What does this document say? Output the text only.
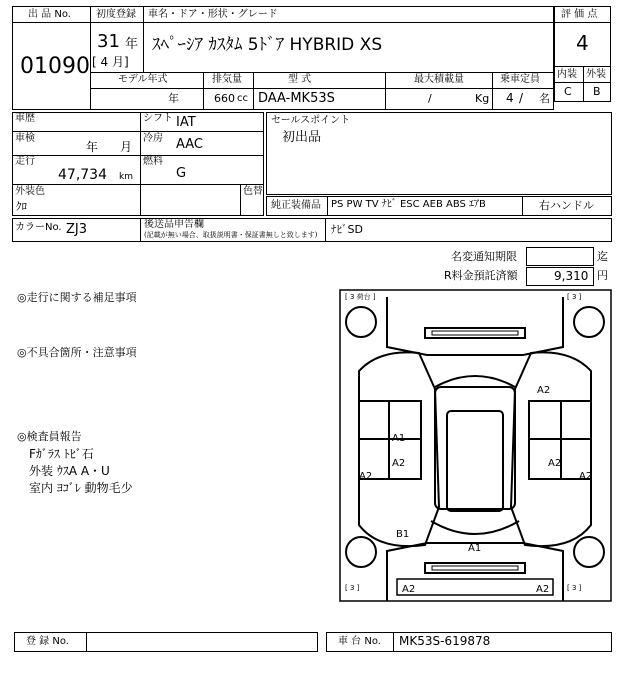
出 品 No.
01090
初度登録
31 年
[ 4 月]
車名・ドア・形状・グレード
ｽﾍﾟｰｼｱ ｶｽﾀﾑ 5ﾄﾞｱ HYBRID XS
モデル年式
年
排気量
660 cc
型 式
DAA-MK53S
最大積載量
/	Kg
乗車定員
4 / 名
評 価 点
4
内装 外装
C B
車歴
車検
年 月
走行
47,734 km
シフト IAT
冷房 AAC
燃料
G
外装色
ｸﾛ
色替
セールスポイント
初出品
純正装備品 PS PW TV ﾅﾋﾞ ESC AEB ABS ｴｱB	右ハンドル
カラーNo. ZJ3	後送品申告欄
(記載が無い場合、取扱説明書・保証書無しと致します) ﾅﾋﾞSD
名変通知期限	迄
R料金預託済額	9,310 円
◎走行に関する補足事項
◎不具合箇所・注意事項
◎検査員報告
Fｶﾞﾗｽ ﾄﾋﾞ石
外装 ｳｽA A・U
室内 ﾖｺﾞﾚ 動物毛少
[ 3 荷台 ]	[ 3 ]
[ 3 ]	[ 3 ]
A1
A2
A2
A2
A2
A2
B1
A1
A2	A2
登 録 No.	車 台 No. MK53S-619878
